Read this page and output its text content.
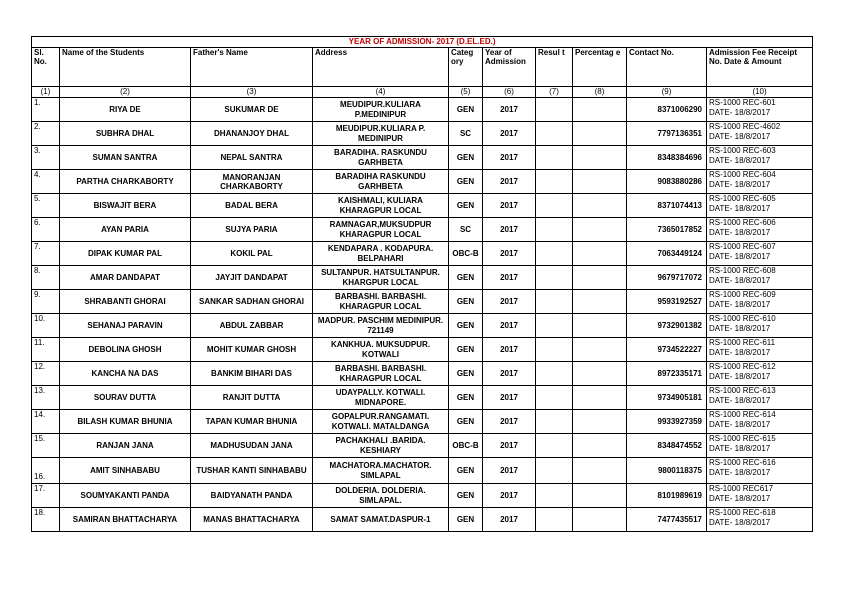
YEAR OF ADMISSION- 2017 (D.EL.ED.)									
Sl. No.	Name of the Students	Father's Name	Address	Categ ory	Year of Admission	Resul t	Percentag e	Contact No.	Admission Fee Receipt No. Date & Amount
(1)	(2)	(3)	(4)	(5)	(6)	(7)	(8)	(9)	(10)
1.	RIYA DE	SUKUMAR DE	MEUDIPUR.KULIARA P.MEDINIPUR	GEN	2017			8371006290	RS-1000 REC-601
DATE- 18/8/2017

2.	SUBHRA DHAL	DHANANJOY DHAL	MEUDIPUR.KULIARA P. MEDINIPUR	SC	2017			7797136351	RS-1000 REC-4602
DATE- 18/8/2017

3.	SUMAN SANTRA	NEPAL SANTRA	BARADIHA. RASKUNDU GARHBETA	GEN	2017			8348384696	RS-1000 REC-603
DATE- 18/8/2017

4.	PARTHA CHARKABORTY	MANORANJAN CHARKABORTY	BARADIHA RASKUNDU GARHBETA	GEN	2017			9083880286	RS-1000 REC-604
DATE- 18/8/2017

5.	BISWAJIT BERA	BADAL BERA	KAISHMALI, KULIARA KHARAGPUR LOCAL	GEN	2017			8371074413	RS-1000 REC-605
DATE- 18/8/2017

6.	AYAN PARIA	SUJYA PARIA	RAMNAGAR,MUKSUDPUR KHARAGPUR LOCAL	SC	2017			7365017852	RS-1000 REC-606
DATE- 18/8/2017

7.	DIPAK KUMAR PAL	KOKIL PAL	KENDAPARA . KODAPURA. BELPAHARI	OBC-B	2017			7063449124	RS-1000 REC-607
DATE- 18/8/2017

8.	AMAR DANDAPAT	JAYJIT DANDAPAT	SULTANPUR. HATSULTANPUR. KHARGPUR LOCAL	GEN	2017			9679717072	RS-1000 REC-608
DATE- 18/8/2017

9.	SHRABANTI GHORAI	SANKAR SADHAN GHORAI	BARBASHI. BARBASHI. KHARAGPUR LOCAL	GEN	2017			9593192527	RS-1000 REC-609
DATE- 18/8/2017

10.	SEHANAJ PARAVIN	ABDUL ZABBAR	MADPUR. PASCHIM MEDINIPUR. 721149	GEN	2017			9732901382	RS-1000 REC-610
DATE- 18/8/2017

11.	DEBOLINA GHOSH	MOHIT KUMAR GHOSH	KANKHUA. MUKSUDPUR. KOTWALI	GEN	2017			9734522227	RS-1000 REC-611
DATE- 18/8/2017

12.	KANCHA NA DAS	BANKIM BIHARI DAS	BARBASHI. BARBASHI. KHARAGPUR LOCAL	GEN	2017			8972335171	RS-1000 REC-612
DATE- 18/8/2017

13.	SOURAV DUTTA	RANJIT DUTTA	UDAYPALLY. KOTWALI. MIDNAPORE.	GEN	2017			9734905181	RS-1000 REC-613
DATE- 18/8/2017

14.	BILASH KUMAR BHUNIA	TAPAN KUMAR BHUNIA	GOPALPUR.RANGAMATI. KOTWALI. MATALDANGA	GEN	2017			9933927359	RS-1000 REC-614
DATE- 18/8/2017

15.	RANJAN JANA	MADHUSUDAN JANA	PACHAKHALI .BARIDA. KESHIARY	OBC-B	2017			8348474552	RS-1000 REC-615
DATE- 18/8/2017

16.	AMIT SINHABABU	TUSHAR KANTI SINHABABU	MACHATORA.MACHATOR. SIMLAPAL	GEN	2017			9800118375	RS-1000 REC-616
DATE- 18/8/2017

17.	SOUMYAKANTI PANDA	BAIDYANATH PANDA	DOLDERIA. DOLDERIA. SIMLAPAL.	GEN	2017			8101989619	RS-1000 REC617
DATE- 18/8/2017

18.	SAMIRAN BHATTACHARYA	MANAS BHATTACHARYA	SAMAT SAMAT.DASPUR-1	GEN	2017			7477435517	RS-1000 REC-618
DATE- 18/8/2017
